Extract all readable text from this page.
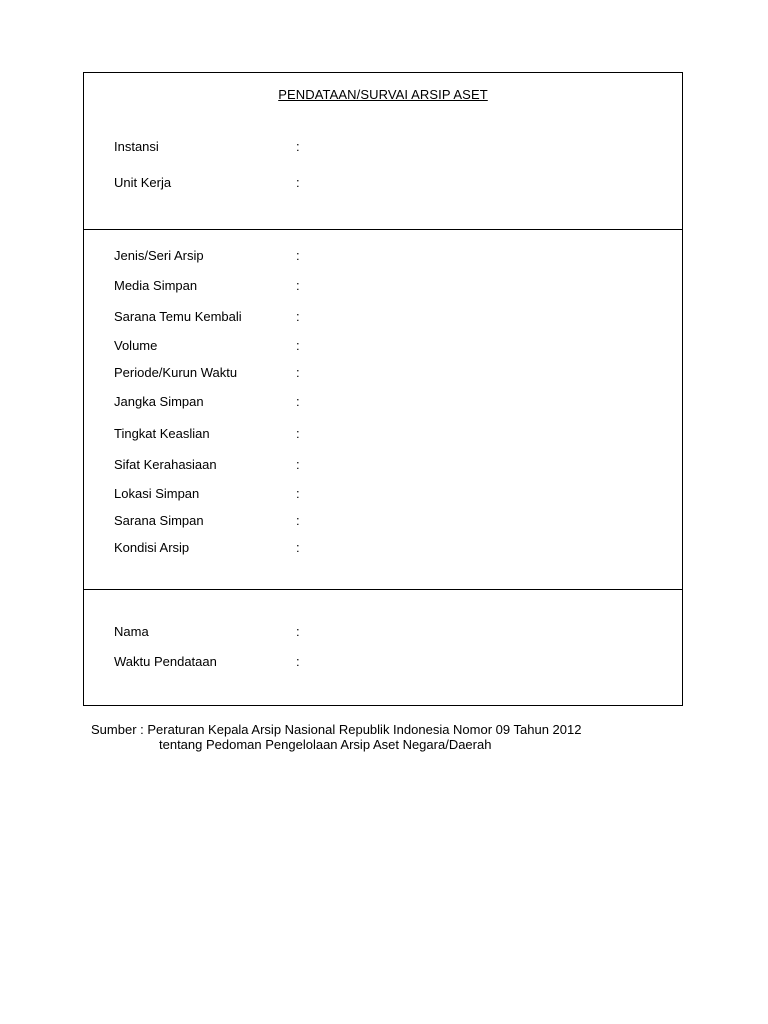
PENDATAAN/SURVAI ARSIP ASET
Instansi	:
Unit Kerja	:
Jenis/Seri Arsip	:
Media Simpan	:
Sarana Temu Kembali	:
Volume	:
Periode/Kurun Waktu	:
Jangka Simpan	:
Tingkat Keaslian	:
Sifat Kerahasiaan	:
Lokasi Simpan	:
Sarana Simpan	:
Kondisi Arsip	:
Nama	:
Waktu Pendataan	:
Sumber : Peraturan Kepala Arsip Nasional Republik Indonesia Nomor 09 Tahun 2012
tentang Pedoman Pengelolaan Arsip Aset Negara/Daerah
